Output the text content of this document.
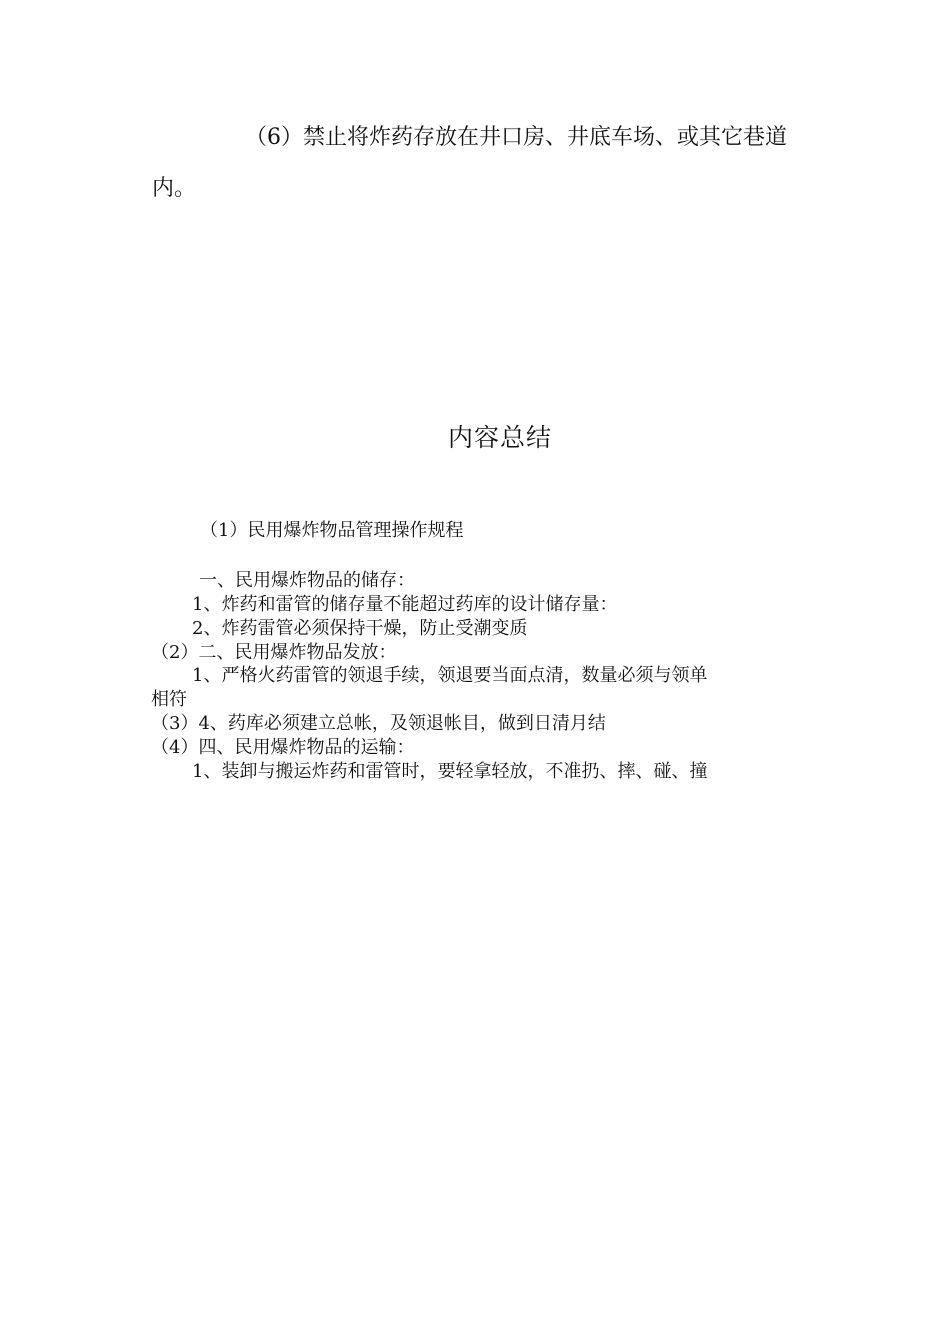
（6）禁止将炸药存放在井口房、井底车场、或其它巷道
内。
内容总结
（1）民用爆炸物品管理操作规程
一、民用爆炸物品的储存：
1、炸药和雷管的储存量不能超过药库的设计储存量：
2、炸药雷管必须保持干燥，防止受潮变质
（2）二、民用爆炸物品发放：
1、严格火药雷管的领退手续，领退要当面点清，数量必须与领单
相符
（3）4、药库必须建立总帐，及领退帐目，做到日清月结
（4）四、民用爆炸物品的运输：
1、装卸与搬运炸药和雷管时，要轻拿轻放，不准扔、摔、碰、撞
